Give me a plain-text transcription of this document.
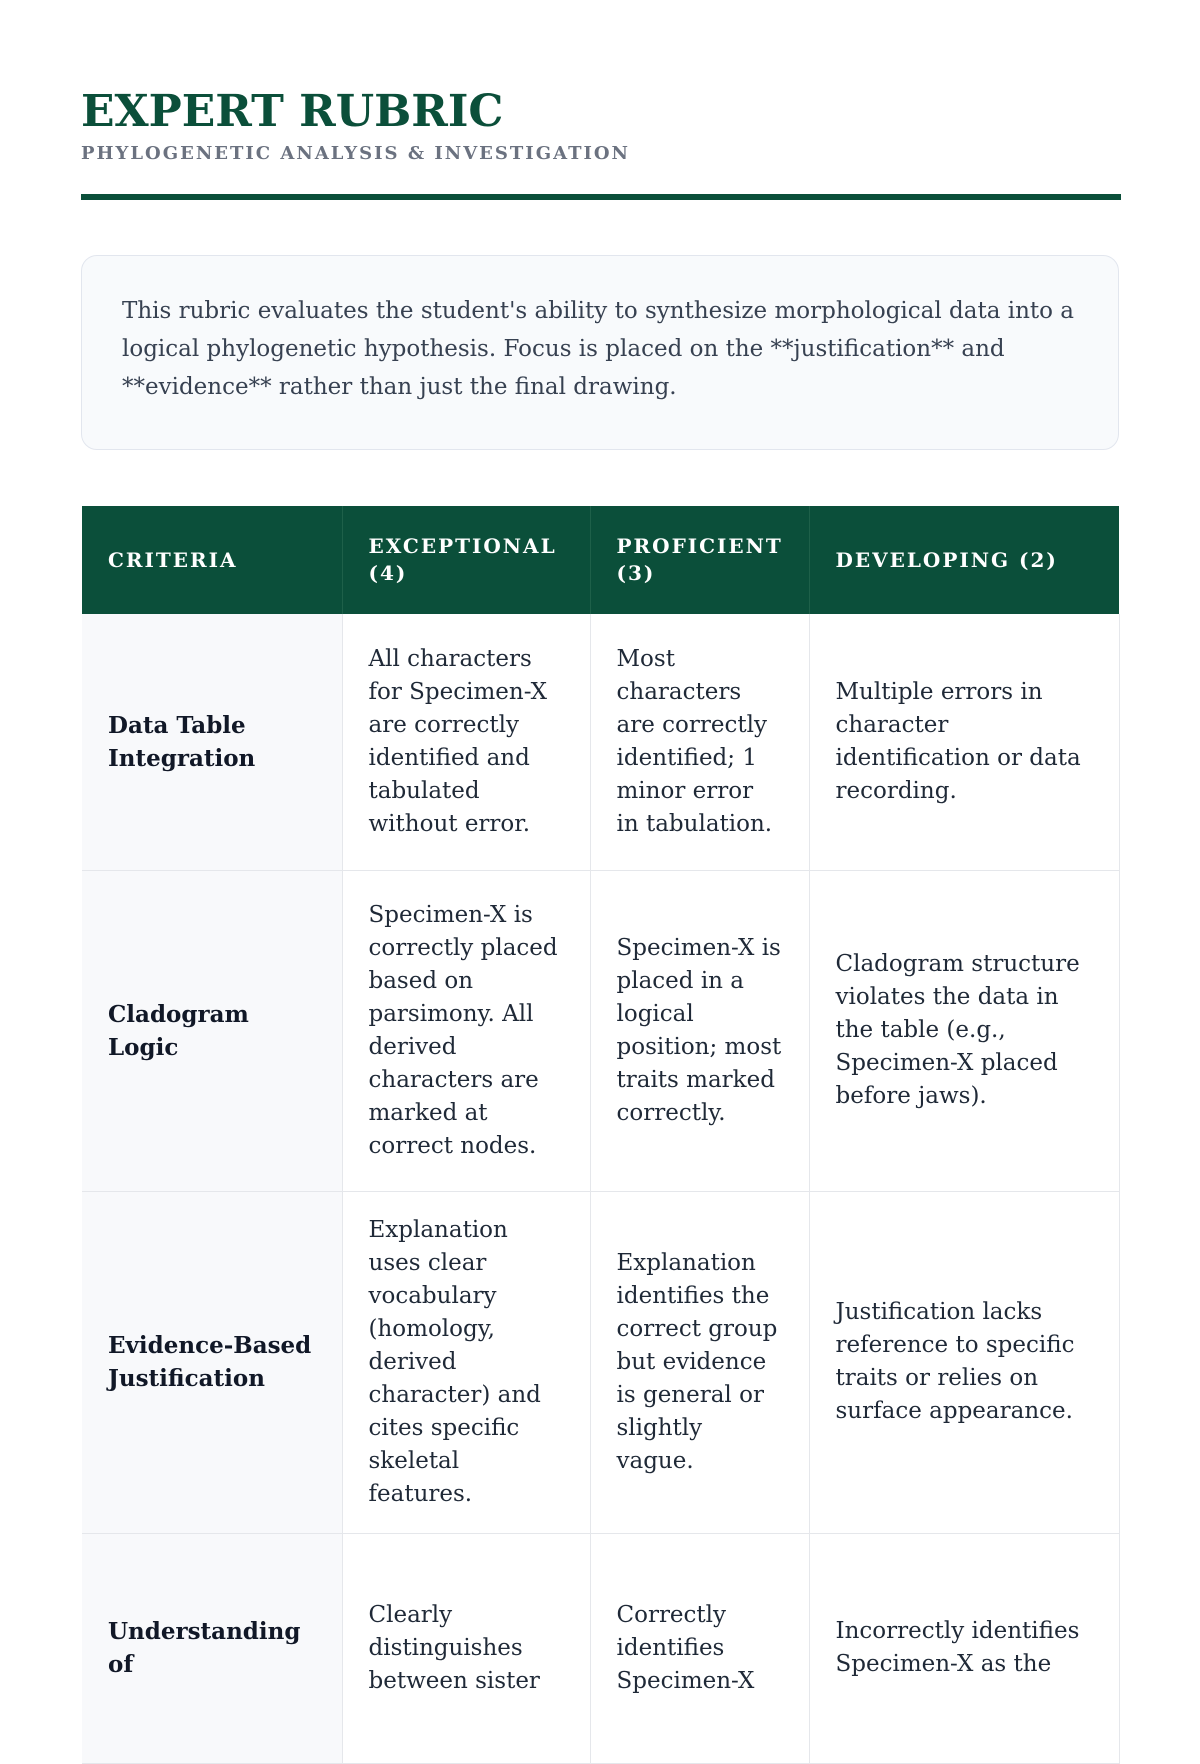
EXPERT RUBRIC
PHYLOGENETIC ANALYSIS & INVESTIGATION

This rubric evaluates the student's ability to synthesize morphological data into a logical phylogenetic hypothesis. Focus is placed on the **justification** and **evidence** rather than just the final drawing.

CRITERIA	EXCEPTIONAL (4)	PROFICIENT (3)	DEVELOPING (2)
Data Table Integration	All characters for Specimen-X are correctly identified and tabulated without error.	Most characters are correctly identified; 1 minor error in tabulation.	Multiple errors in character identification or data recording.
Cladogram Logic	Specimen-X is correctly placed based on parsimony. All derived characters are marked at correct nodes.	Specimen-X is placed in a logical position; most traits marked correctly.	Cladogram structure violates the data in the table (e.g., Specimen-X placed before jaws).
Evidence-Based Justification	Explanation uses clear vocabulary (homology, derived character) and cites specific skeletal features.	Explanation identifies the correct group but evidence is general or slightly vague.	Justification lacks reference to specific traits or relies on surface appearance.
Understanding of	Clearly distinguishes between sister	Correctly identifies Specimen-X	Incorrectly identifies Specimen-X as the
